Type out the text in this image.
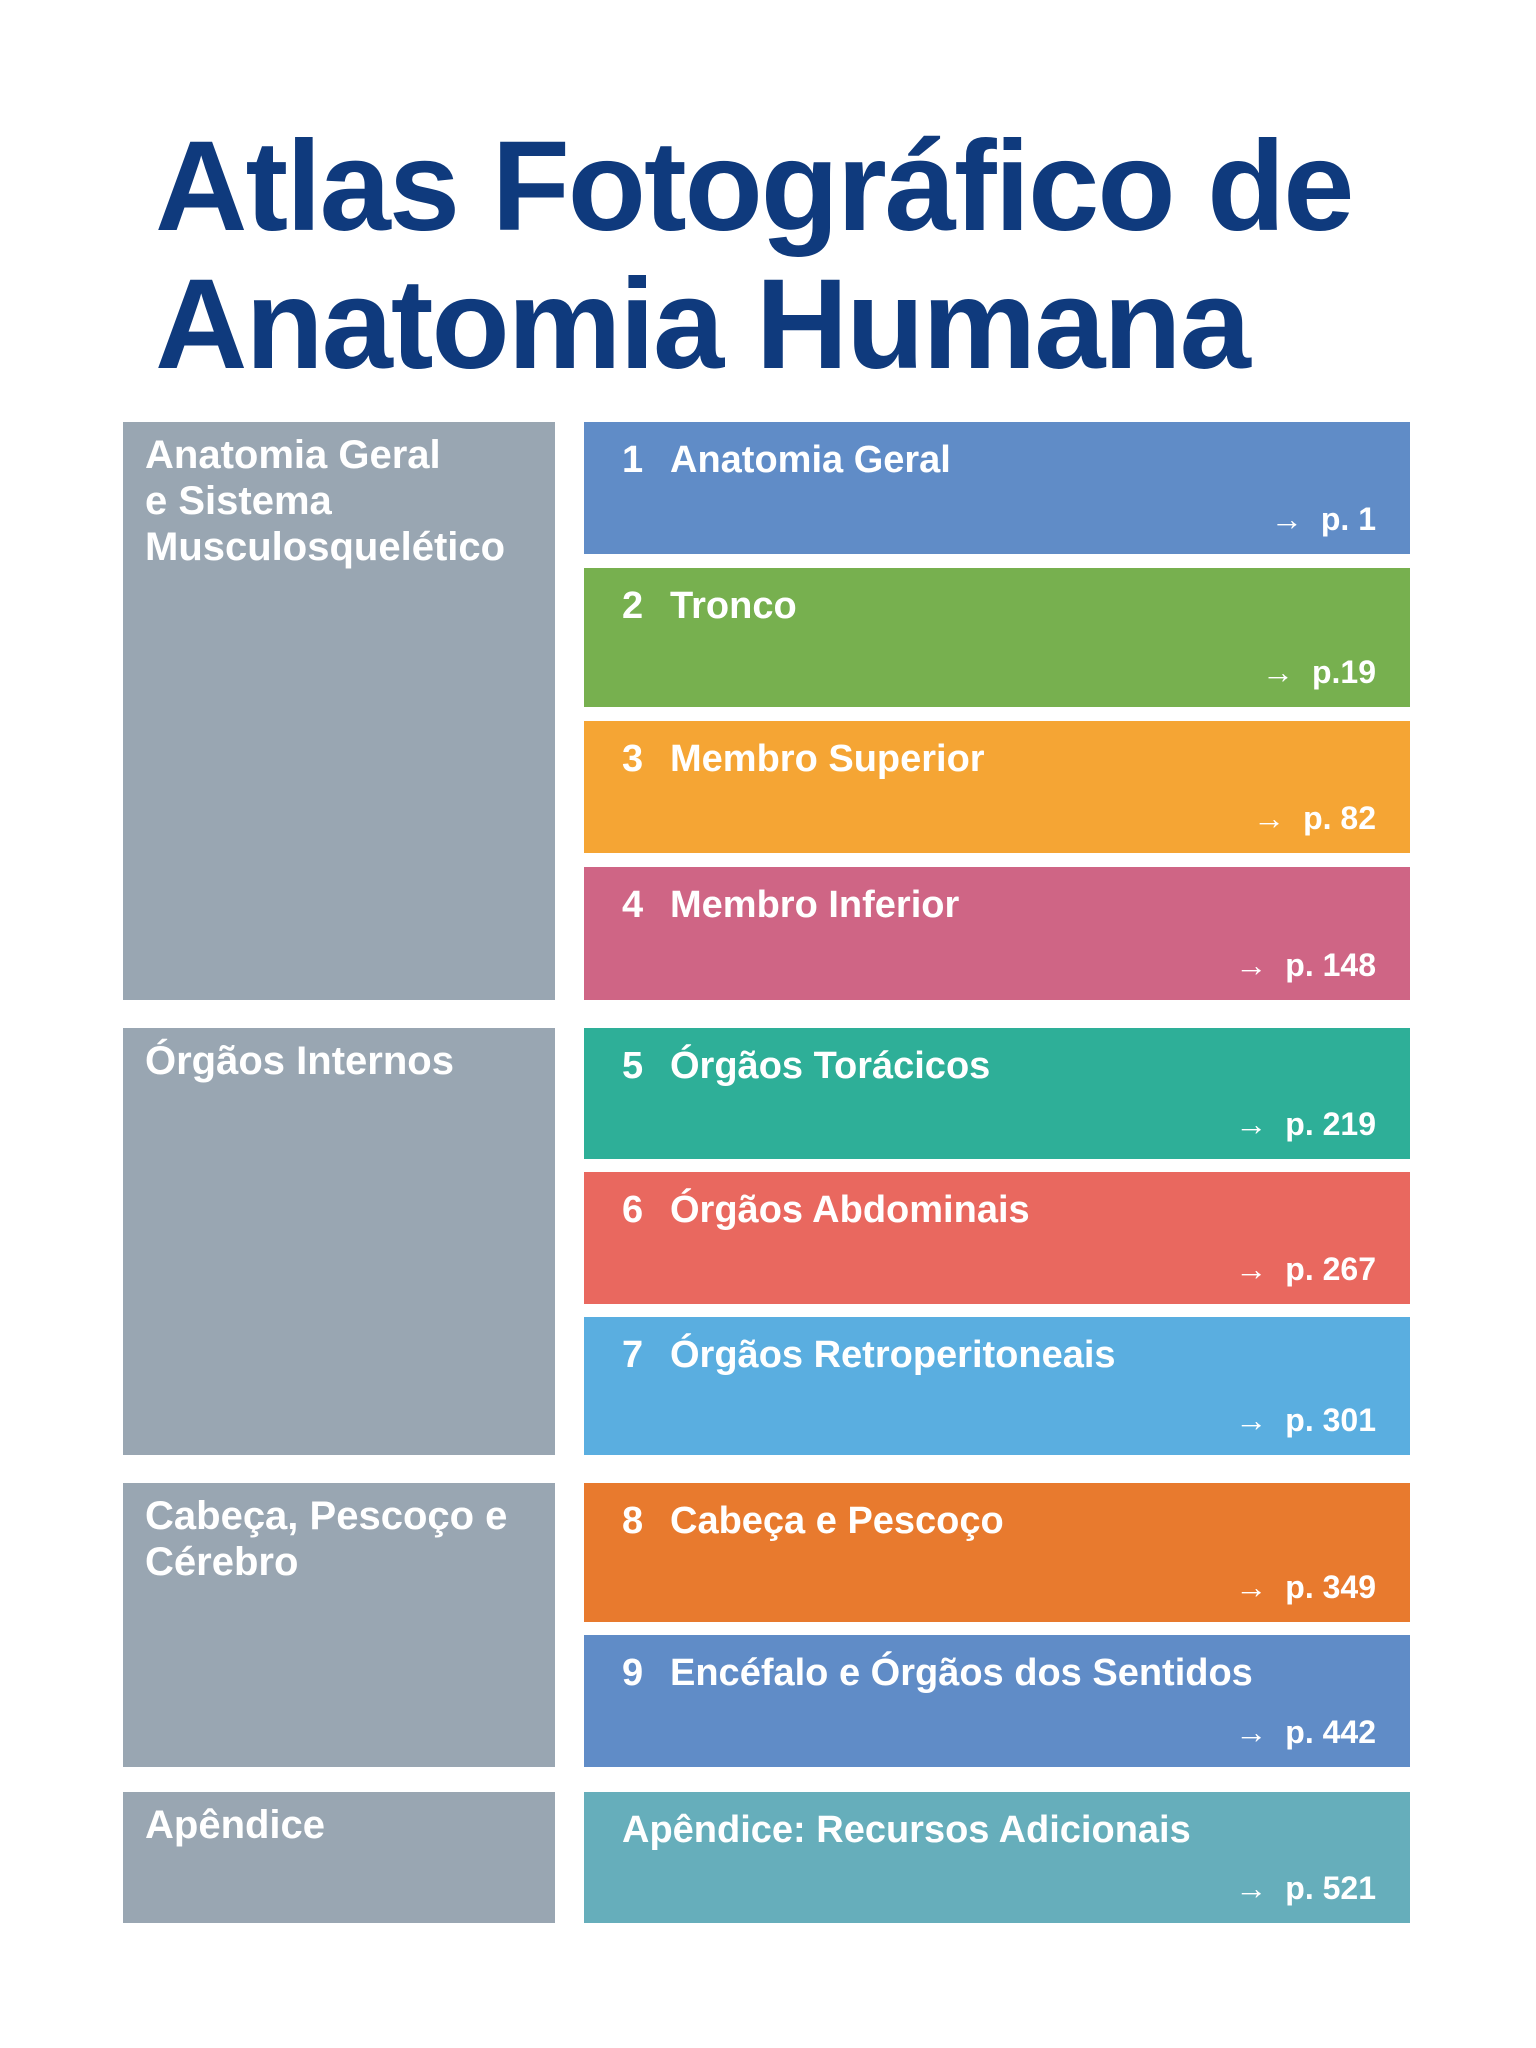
Atlas Fotográfico de
Anatomia Humana
Anatomia Geral
e Sistema
Musculosquelético
Órgãos Internos
Cabeça, Pescoço e
Cérebro
Apêndice
1 Anatomia Geral
→ p. 1
2 Tronco
→ p.19
3 Membro Superior
→ p. 82
4 Membro Inferior
→ p. 148
5 Órgãos Torácicos
→ p. 219
6 Órgãos Abdominais
→ p. 267
7 Órgãos Retroperitoneais
→ p. 301
8 Cabeça e Pescoço
→ p. 349
9 Encéfalo e Órgãos dos Sentidos
→ p. 442
Apêndice: Recursos Adicionais
→ p. 521
